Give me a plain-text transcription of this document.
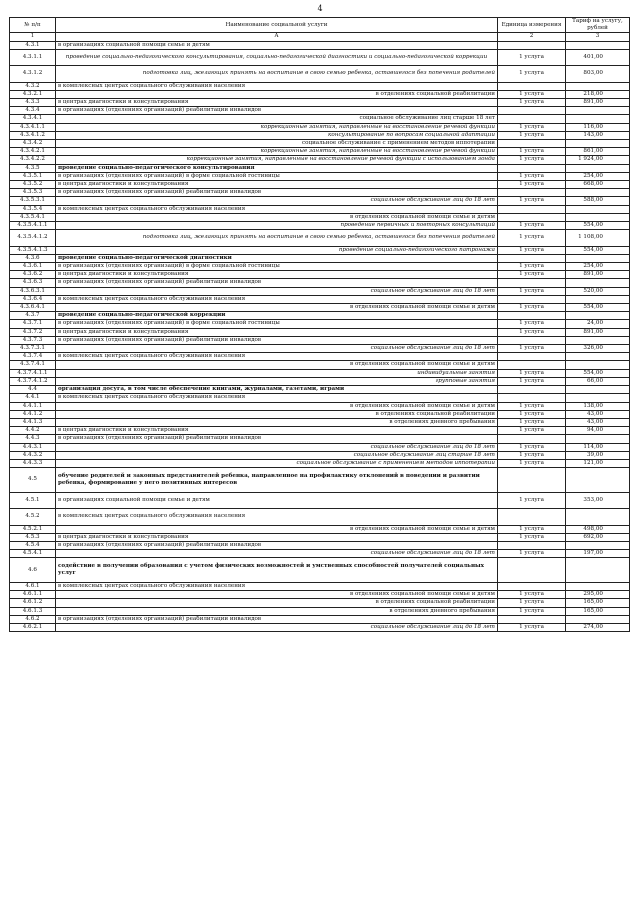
4
№ п/п	Наименование социальной услуги	Единица измерения	Тариф на услугу, рублей
1	А	2	3
4.3.1	в организациях социальной помощи семье и детям		
4.3.1.1	проведение социально-педагогического консультирования, социально-педагогической диагностики и социально-педагогической коррекции	1 услуга	401,00
4.3.1.2	подготовка лиц, желающих принять на воспитание в свою семью ребенка, оставшегося без попечения родителей	1 услуга	803,00
4.3.2	в комплексных центрах социального обслуживания населения		
4.3.2.1	в отделениях социальной реабилитации	1 услуга	218,00
4.3.3	в центрах диагностики и консультирования	1 услуга	891,00
4.3.4	в организациях (отделениях организаций) реабилитации инвалидов		
4.3.4.1	социальное обслуживание лиц старше 18 лет		
4.3.4.1.1	коррекционные занятия, направленные на восстановление речевой функции	1 услуга	116,00
4.3.4.1.2	консультирование по вопросам социальной адаптации	1 услуга	143,00
4.3.4.2	социальное обслуживание с применением методов иппотерапии		
4.3.4.2.1	коррекционные занятия, направленные на восстановление речевой функции	1 услуга	861,00
4.3.4.2.2	коррекционные занятия, направленные на восстановление речевой функции с использованием зонда	1 услуга	1 924,00
4.3.5	проведение социально-педагогического консультирования		
4.3.5.1	в организациях (отделениях организаций) в форме социальной гостиницы	1 услуга	254,00
4.3.5.2	в центрах диагностики и консультирования	1 услуга	668,00
4.3.5.3	в организациях (отделениях организаций) реабилитации инвалидов		
4.3.5.3.1	социальное обслуживание лиц до 18 лет	1 услуга	588,00
4.3.5.4	в комплексных центрах социального обслуживания населения		
4.3.5.4.1	в отделениях социальной помощи семье и детям		
4.3.5.4.1.1	проведение первичных и повторных консультаций	1 услуга	554,00
4.3.5.4.1.2	подготовка лиц, желающих принять на воспитание в свою семью ребенка, оставшегося без попечения родителей	1 услуга	1 108,00
4.3.5.4.1.3	проведение социально-педагогического патронажа	1 услуга	554,00
4.3.6	проведение социально-педагогической диагностики		
4.3.6.1	в организациях (отделениях организаций) в форме социальной гостиницы	1 услуга	254,00
4.3.6.2	в центрах диагностики и консультирования	1 услуга	891,00
4.3.6.3	в организациях (отделениях организаций) реабилитации инвалидов		
4.3.6.3.1	социальное обслуживание лиц до 18 лет	1 услуга	520,00
4.3.6.4	в комплексных центрах социального обслуживания населения		
4.3.6.4.1	в отделениях социальной помощи семье и детям	1 услуга	554,00
4.3.7	проведение социально-педагогической коррекции		
4.3.7.1	в организациях (отделениях организаций) в форме социальной гостиницы	1 услуга	24,00
4.3.7.2	в центрах диагностики и консультирования	1 услуга	891,00
4.3.7.3	в организациях (отделениях организаций) реабилитации инвалидов		
4.3.7.3.1	социальное обслуживание лиц до 18 лет	1 услуга	326,00
4.3.7.4	в комплексных центрах социального обслуживания населения		
4.3.7.4.1	в отделениях социальной помощи семье и детям		
4.3.7.4.1.1	индивидуальные занятия	1 услуга	554,00
4.3.7.4.1.2	групповые занятия	1 услуга	66,00
4.4	организация досуга, в том числе обеспечение книгами, журналами, газетами, играми		
4.4.1	в комплексных центрах социального обслуживания населения		
4.4.1.1	в отделениях социальной помощи семье и детям	1 услуга	138,00
4.4.1.2	в отделениях социальной реабилитации	1 услуга	43,00
4.4.1.3	в отделениях дневного пребывания	1 услуга	43,00
4.4.2	в центрах диагностики и консультирования	1 услуга	94,00
4.4.3	в организациях (отделениях организаций) реабилитации инвалидов		
4.4.3.1	социальное обслуживание лиц до 18 лет	1 услуга	114,00
4.4.3.2	социальное обслуживание лиц старше 18 лет	1 услуга	39,00
4.4.3.3	социальное обслуживание с применением методов иппотерапии	1 услуга	121,00
4.5	обучение родителей и законных представителей ребенка, направленное на профилактику отклонений в поведении и развитии ребенка, формирование у него позитивных интересов		
4.5.1	в организациях социальной помощи семье и детям	1 услуга	353,00
4.5.2	в комплексных центрах социального обслуживания населения		
4.5.2.1	в отделениях социальной помощи семье и детям	1 услуга	498,00
4.5.3	в центрах диагностики и консультирования	1 услуга	692,00
4.5.4	в организациях (отделениях организаций) реабилитации инвалидов		
4.5.4.1	социальное обслуживание лиц до 18 лет	1 услуга	197,00
4.6	содействие в получении образования с учетом физических возможностей и умственных способностей получателей социальных услуг		
4.6.1	в комплексных центрах социального обслуживания населения		
4.6.1.1	в отделениях социальной помощи семье и детям	1 услуга	295,00
4.6.1.2	в отделениях социальной реабилитации	1 услуга	165,00
4.6.1.3	в отделениях дневного пребывания	1 услуга	165,00
4.6.2	в организациях (отделениях организаций) реабилитации инвалидов		
4.6.2.1	социальное обслуживание лиц до 18 лет	1 услуга	274,00
